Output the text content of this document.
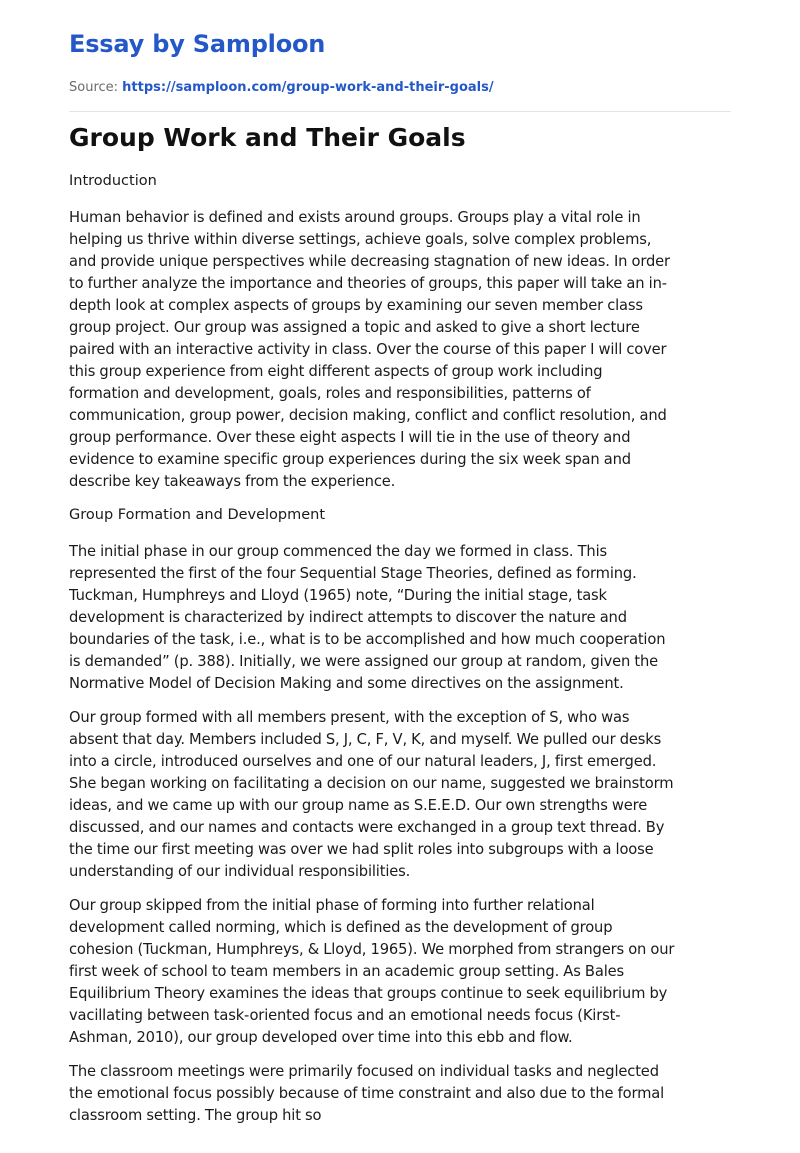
Essay by Samploon
Source: https://samploon.com/group-work-and-their-goals/
Group Work and Their Goals

Introduction

Human behavior is defined and exists around groups. Groups play a vital role in
helping us thrive within diverse settings, achieve goals, solve complex problems,
and provide unique perspectives while decreasing stagnation of new ideas. In order
to further analyze the importance and theories of groups, this paper will take an in-
depth look at complex aspects of groups by examining our seven member class
group project. Our group was assigned a topic and asked to give a short lecture
paired with an interactive activity in class. Over the course of this paper I will cover
this group experience from eight different aspects of group work including
formation and development, goals, roles and responsibilities, patterns of
communication, group power, decision making, conflict and conflict resolution, and
group performance. Over these eight aspects I will tie in the use of theory and
evidence to examine specific group experiences during the six week span and
describe key takeaways from the experience.

Group Formation and Development

The initial phase in our group commenced the day we formed in class. This
represented the first of the four Sequential Stage Theories, defined as forming.
Tuckman, Humphreys and Lloyd (1965) note, “During the initial stage, task
development is characterized by indirect attempts to discover the nature and
boundaries of the task, i.e., what is to be accomplished and how much cooperation
is demanded” (p. 388). Initially, we were assigned our group at random, given the
Normative Model of Decision Making and some directives on the assignment.

Our group formed with all members present, with the exception of S, who was
absent that day. Members included S, J, C, F, V, K, and myself. We pulled our desks
into a circle, introduced ourselves and one of our natural leaders, J, first emerged.
She began working on facilitating a decision on our name, suggested we brainstorm
ideas, and we came up with our group name as S.E.E.D. Our own strengths were
discussed, and our names and contacts were exchanged in a group text thread. By
the time our first meeting was over we had split roles into subgroups with a loose
understanding of our individual responsibilities.

Our group skipped from the initial phase of forming into further relational
development called norming, which is defined as the development of group
cohesion (Tuckman, Humphreys, & Lloyd, 1965). We morphed from strangers on our
first week of school to team members in an academic group setting. As Bales
Equilibrium Theory examines the ideas that groups continue to seek equilibrium by
vacillating between task-oriented focus and an emotional needs focus (Kirst-
Ashman, 2010), our group developed over time into this ebb and flow.

The classroom meetings were primarily focused on individual tasks and neglected
the emotional focus possibly because of time constraint and also due to the formal
classroom setting. The group hit so
